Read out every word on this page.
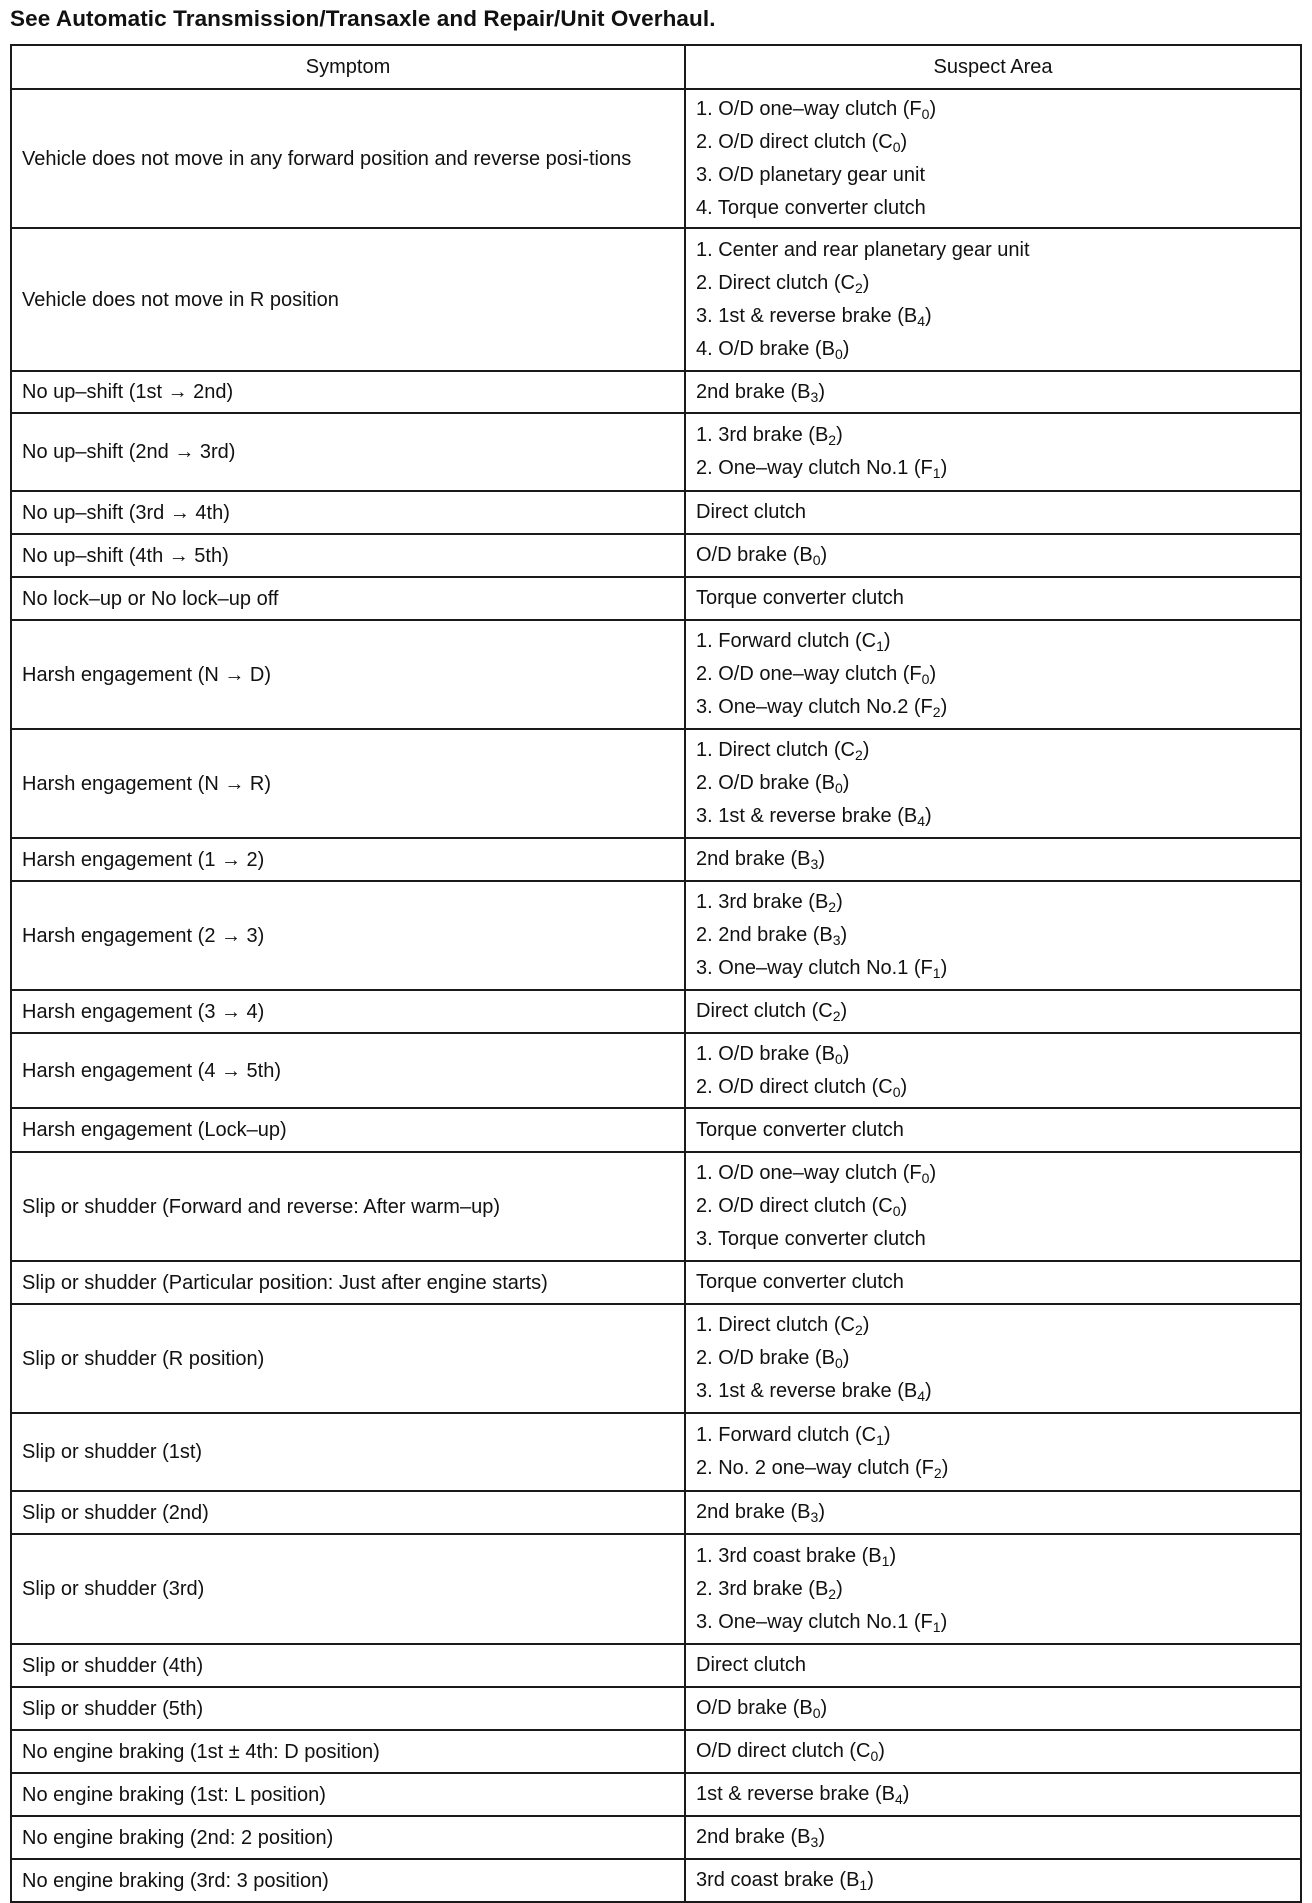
See Automatic Transmission/Transaxle and Repair/Unit Overhaul.
Symptom	Suspect Area

Vehicle does not move in any forward position and reverse posi-tions	1. O/D one–way clutch $(F_0)$
2. O/D direct clutch $(C_0)$
3. O/D planetary gear unit
4. Torque converter clutch

Vehicle does not move in R position	1. Center and rear planetary gear unit
2. Direct clutch $(C_2)$
3. 1st & reverse brake $(B_4)$
4. O/D brake $(B_0)$

No up–shift (1st → 2nd)	2nd brake $(B_3)$

No up–shift (2nd → 3rd)	1. 3rd brake $(B_2)$
2. One–way clutch No.1 $(F_1)$

No up–shift (3rd → 4th)	Direct clutch

No up–shift (4th → 5th)	O/D brake $(B_0)$

No lock–up or No lock–up off	Torque converter clutch

Harsh engagement (N → D)	1. Forward clutch $(C_1)$
2. O/D one–way clutch $(F_0)$
3. One–way clutch No.2 $(F_2)$

Harsh engagement (N → R)	1. Direct clutch $(C_2)$
2. O/D brake $(B_0)$
3. 1st & reverse brake $(B_4)$

Harsh engagement (1 → 2)	2nd brake $(B_3)$

Harsh engagement (2 → 3)	1. 3rd brake $(B_2)$
2. 2nd brake $(B_3)$
3. One–way clutch No.1 $(F_1)$

Harsh engagement (3 → 4)	Direct clutch $(C_2)$

Harsh engagement (4 → 5th)	1. O/D brake $(B_0)$
2. O/D direct clutch $(C_0)$

Harsh engagement (Lock–up)	Torque converter clutch

Slip or shudder (Forward and reverse: After warm–up)	1. O/D one–way clutch $(F_0)$
2. O/D direct clutch $(C_0)$
3. Torque converter clutch

Slip or shudder (Particular position: Just after engine starts)	Torque converter clutch

Slip or shudder (R position)	1. Direct clutch $(C_2)$
2. O/D brake $(B_0)$
3. 1st & reverse brake $(B_4)$

Slip or shudder (1st)	1. Forward clutch $(C_1)$
2. No. 2 one–way clutch $(F_2)$

Slip or shudder (2nd)	2nd brake $(B_3)$

Slip or shudder (3rd)	1. 3rd coast brake $(B_1)$
2. 3rd brake $(B_2)$
3. One–way clutch No.1 $(F_1)$

Slip or shudder (4th)	Direct clutch

Slip or shudder (5th)	O/D brake $(B_0)$

No engine braking (1st ± 4th: D position)	O/D direct clutch $(C_0)$

No engine braking (1st: L position)	1st & reverse brake $(B_4)$

No engine braking (2nd: 2 position)	2nd brake $(B_3)$

No engine braking (3rd: 3 position)	3rd coast brake $(B_1)$
